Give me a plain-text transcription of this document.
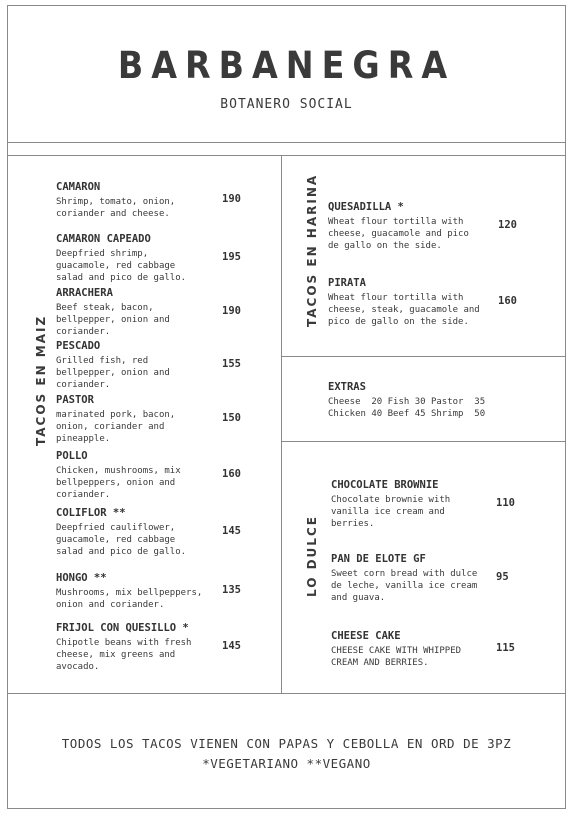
BARBANEGRA
BOTANERO SOCIAL
TACOS EN MAIZ
TACOS EN HARINA
LO DULCE
CAMARON
Shrimp, tomato, onion,
coriander and cheese.
190
CAMARON CAPEADO
Deepfried shrimp,
guacamole, red cabbage
salad and pico de gallo.
195
ARRACHERA
Beef steak, bacon,
bellpepper, onion and
coriander.
190
PESCADO
Grilled fish, red
bellpepper, onion and
coriander.
155
PASTOR
marinated pork, bacon,
onion, coriander and
pineapple.
150
POLLO
Chicken, mushrooms, mix
bellpeppers, onion and
coriander.
160
COLIFLOR **
Deepfried cauliflower,
guacamole, red cabbage
salad and pico de gallo.
145
HONGO **
Mushrooms, mix bellpeppers,
onion and coriander.
135
FRIJOL CON QUESILLO *
Chipotle beans with fresh
cheese, mix greens and
avocado.
145
QUESADILLA *
Wheat flour tortilla with
cheese, guacamole and pico
de gallo on the side.
120
PIRATA
Wheat flour tortilla with
cheese, steak, guacamole and
pico de gallo on the side.
160
CHOCOLATE BROWNIE
Chocolate brownie with
vanilla ice cream and
berries.
110
PAN DE ELOTE GF
Sweet corn bread with dulce
de leche, vanilla ice cream
and guava.
95
CHEESE CAKE
CHEESE CAKE WITH WHIPPED
CREAM AND BERRIES.
115
EXTRAS
Cheese  20 Fish 30 Pastor  35
Chicken 40 Beef 45 Shrimp  50
TODOS LOS TACOS VIENEN CON PAPAS Y CEBOLLA EN ORD DE 3PZ
*VEGETARIANO **VEGANO
